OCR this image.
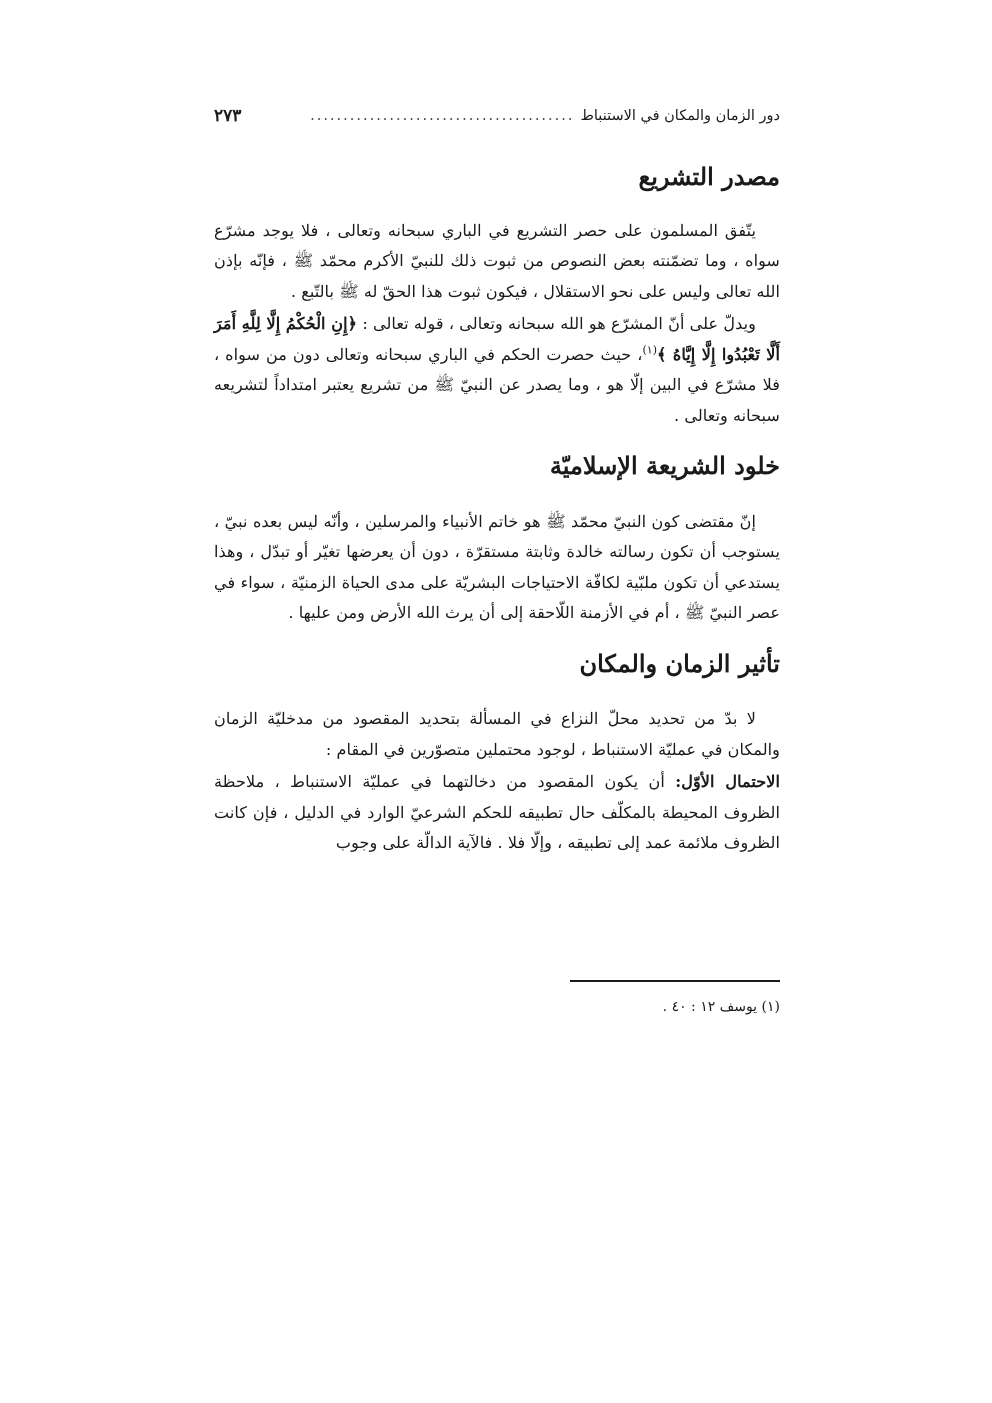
دور الزمان والمكان في الاستنباط
........................................
٢٧٣
مصدر التشريع

يتّفق المسلمون على حصر التشريع في الباري سبحانه وتعالى ، فلا يوجد مشرّع سواه ، وما تضمّنته بعض النصوص من ثبوت ذلك للنبيّ الأكرم محمّد ﷺ ، فإنّه بإذن الله تعالى وليس على نحو الاستقلال ، فيكون ثبوت هذا الحقّ له ﷺ بالتّبع .

ويدلّ على أنّ المشرّع هو الله سبحانه وتعالى ، قوله تعالى : ﴿إِنِ الْحُكْمُ إِلَّا لِلَّهِ أَمَرَ أَلَّا تَعْبُدُوا إِلَّا إِيَّاهُ ﴾$^{(١)}$، حيث حصرت الحكم في الباري سبحانه وتعالى دون من سواه ، فلا مشرّع في البين إلّا هو ، وما يصدر عن النبيّ ﷺ من تشريع يعتبر امتداداً لتشريعه سبحانه وتعالى .

خلود الشريعة الإسلاميّة

إنّ مقتضى كون النبيّ محمّد ﷺ هو خاتم الأنبياء والمرسلين ، وأنّه ليس بعده نبيّ ، يستوجب أن تكون رسالته خالدة وثابتة مستقرّة ، دون أن يعرضها تغيّر أو تبدّل ، وهذا يستدعي أن تكون ملبّية لكافّة الاحتياجات البشريّة على مدى الحياة الزمنيّة ، سواء في عصر النبيّ ﷺ ، أم في الأزمنة اللّاحقة إلى أن يرث الله الأرض ومن عليها .

تأثير الزمان والمكان

لا بدّ من تحديد محلّ النزاع في المسألة بتحديد المقصود من مدخليّة الزمان والمكان في عمليّة الاستنباط ، لوجود محتملين متصوّرين في المقام :

الاحتمال الأوّل: أن يكون المقصود من دخالتهما في عمليّة الاستنباط ، ملاحظة الظروف المحيطة بالمكلّف حال تطبيقه للحكم الشرعيّ الوارد في الدليل ، فإن كانت الظروف ملائمة عمد إلى تطبيقه ، وإلّا فلا . فالآية الدالّة على وجوب

(١) يوسف ١٢ : ٤٠ .
